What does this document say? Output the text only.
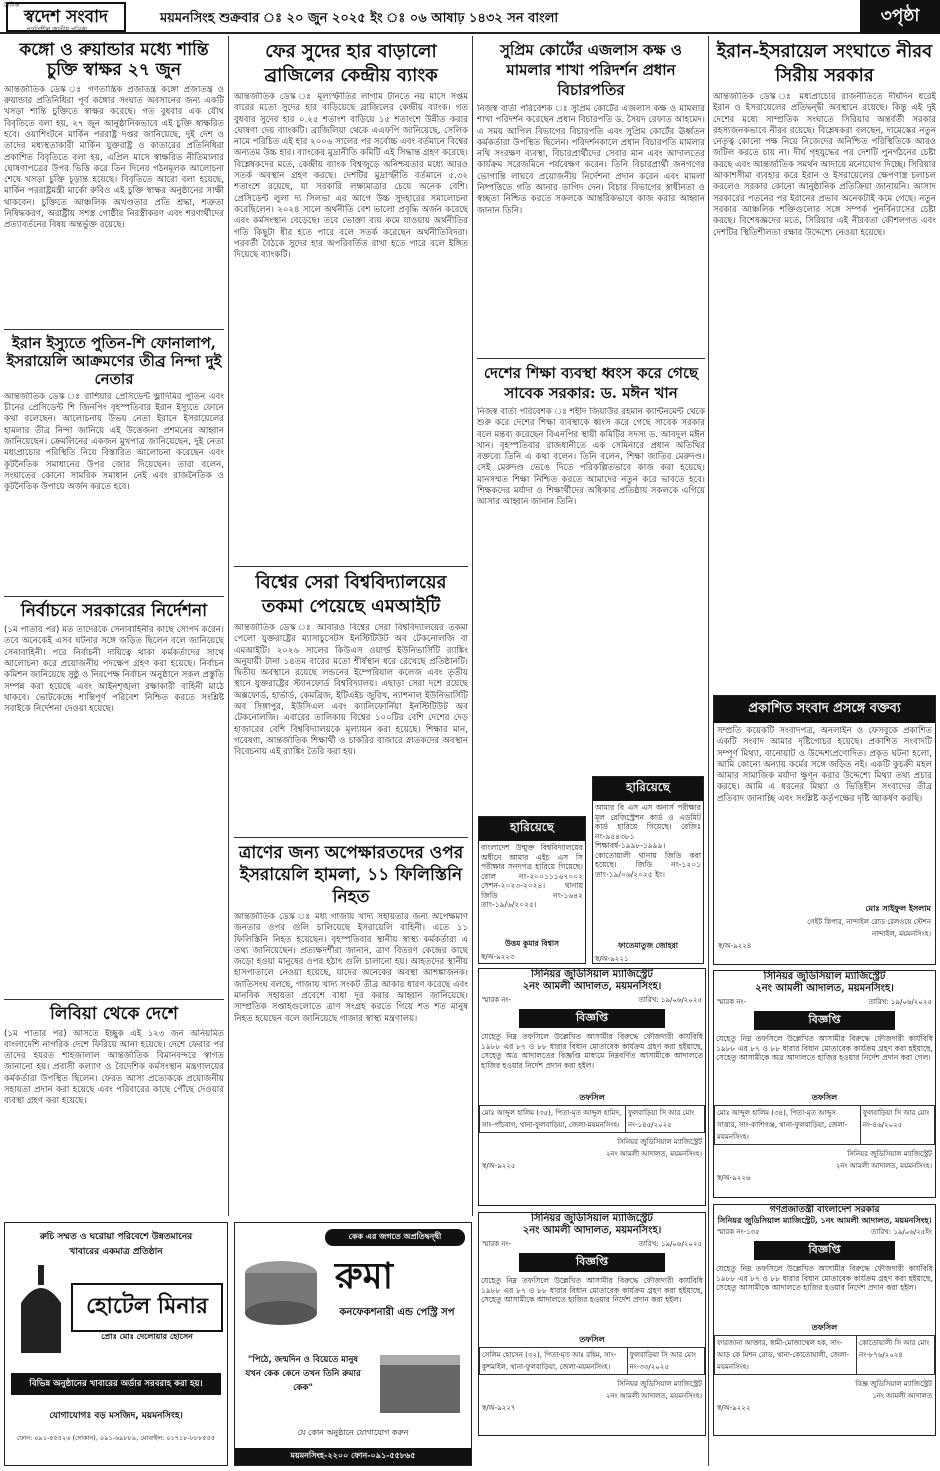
স্বদেশ সংবাদ
প্রগতিশীল জাতীয় পত্রিকা
দৈনিক
ময়মনসিংহ শুক্রবার ঃ ২০ জুন ২০২৫ ইং ঃ ০৬ আষাঢ় ১৪৩২ সন বাংলা	৩পৃষ্ঠা
কঙ্গো ও রুয়ান্ডার মধ্যে শান্তি চুক্তি স্বাক্ষর ২৭ জুন
আন্তর্জাতিক ডেস্ক ঃ গণতান্ত্রিক প্রজাতন্ত্র কঙ্গো প্রজাতন্ত্র ও রুয়ান্ডার প্রতিনিধিরা পূর্ব কঙ্গোর সংঘাত অবসানের জন্য একটি খসড়া শান্তি চুক্তিতে স্বাক্ষর করেছে। গত বুধবার এক যৌথ বিবৃতিতে বলা হয়, ২৭ জুন আনুষ্ঠানিকভাবে এই চুক্তি স্বাক্ষরিত হবে। ওয়াশিংটনে মার্কিন পররাষ্ট্র দপ্তর জানিয়েছে, দুই দেশ ও তাদের মধ্যস্থতাকারী মার্কিন যুক্তরাষ্ট্র ও কাতারের প্রতিনিধিরা প্রকাশিত বিবৃতিতে বলা হয়, এপ্রিল মাসে স্বাক্ষরিত নীতিমালার ঘোষণাপত্রের উপর ভিত্তি করে তিন দিনের গঠনমূলক আলোচনা শেষে খসড়া চুক্তি চূড়ান্ত হয়েছে। বিবৃতিতে আরো বলা হয়েছে, মার্কিন পররাষ্ট্রমন্ত্রী মার্কো রুবিও এই চুক্তি স্বাক্ষর অনুষ্ঠানের সাক্ষী থাকবেন। চুক্তিতে আঞ্চলিক অখণ্ডতার প্রতি শ্রদ্ধা, শত্রুতা নিষিদ্ধকরণ, অরাষ্ট্রীয় সশস্ত্র গোষ্ঠীর নিরস্ত্রীকরণ এবং শরণার্থীদের প্রত্যাবর্তনের বিষয় অন্তর্ভুক্ত রয়েছে।
ইরান ইস্যুতে পুতিন-শি ফোনালাপ, ইসরায়েলি আক্রমণের তীব্র নিন্দা দুই নেতার
আন্তর্জাতিক ডেস্ক ঃ রাশিয়ার প্রেসিডেন্ট ভ্লাদিমির পুতিন এবং চীনের প্রেসিডেন্ট শি জিনপিং বৃহস্পতিবার ইরান ইস্যুতে ফোনে কথা বলেছেন। আলোচনায় উভয় নেতা ইরানে ইসরায়েলের হামলার তীব্র নিন্দা জানিয়ে এই উত্তেজনা প্রশমনের আহ্বান জানিয়েছেন। ক্রেমলিনের একজন মুখপাত্র জানিয়েছেন, দুই নেতা মধ্যপ্রাচ্যের পরিস্থিতি নিয়ে বিস্তারিত আলোচনা করেছেন এবং কূটনৈতিক সমাধানের উপর জোর দিয়েছেন। তারা বলেন, সংঘাতের কোনো সামরিক সমাধান নেই এবং রাজনৈতিক ও কূটনৈতিক উপায়ে অর্জন করতে হবে।
নির্বাচনে সরকারের নির্দেশনা
(১ম পাতার পর) মত তাদেরকে সেনাবাহিনীর কাছে সোপর্দ করেন। তবে অনেকেই এসব ঘটনার সঙ্গে জড়িত ছিলেন বলে জানিয়েছে সেনাবাহিনী। পরে নির্বাচনী দায়িত্বে থাকা কর্মকর্তাদের সাথে আলোচনা করে প্রয়োজনীয় পদক্ষেপ গ্রহণ করা হয়েছে। নির্বাচন কমিশন জানিয়েছে সুষ্ঠু ও নিরপেক্ষ নির্বাচন অনুষ্ঠানে সকল প্রস্তুতি সম্পন্ন করা হয়েছে এবং আইনশৃঙ্খলা রক্ষাকারী বাহিনী মাঠে থাকবে। ভোটকেন্দ্রে শান্তিপূর্ণ পরিবেশ নিশ্চিত করতে সংশ্লিষ্ট সবাইকে নির্দেশনা দেওয়া হয়েছে।
লিবিয়া থেকে দেশে
(১ম পাতার পর) আসতে ইচ্ছুক এই ১২৩ জন অনিয়মিত বাংলাদেশি নাগরিক দেশে ফিরিয়ে আনা হয়েছে। দেশে ফেরার পর তাদের হযরত শাহজালাল আন্তর্জাতিক বিমানবন্দরে স্বাগত জানানো হয়। প্রবাসী কল্যাণ ও বৈদেশিক কর্মসংস্থান মন্ত্রণালয়ের কর্মকর্তারা উপস্থিত ছিলেন। ফেরত আসা প্রত্যেককে প্রয়োজনীয় সহায়তা প্রদান করা হয়েছে এবং পরিবারের কাছে পৌঁছে দেওয়ার ব্যবস্থা গ্রহণ করা হয়েছে।
ফের সুদের হার বাড়ালো ব্রাজিলের কেন্দ্রীয় ব্যাংক
আন্তর্জাতিক ডেস্ক ঃ মূল্যস্ফীতির লাগাম টানতে নয় মাসে সপ্তম বারের মতো সুদের হার বাড়িয়েছে ব্রাজিলের কেন্দ্রীয় ব্যাংক। গত বুধবার সুদের হার ০.২৫ শতাংশ বাড়িয়ে ১৫ শতাংশে উন্নীত করার ঘোষণা দেয় ব্যাংকটি। ব্রাজিলিয়া থেকে এএফপি জানিয়েছে, সেলিক নামে পরিচিত এই হার ২০০৬ সালের পর সর্বোচ্চ এবং বর্তমানে বিশ্বের অন্যতম উচ্চ হার। ব্যাংকের মুদ্রানীতি কমিটি এই সিদ্ধান্ত গ্রহণ করেছে। বিশ্লেষকদের মতে, কেন্দ্রীয় ব্যাংক বিশ্বজুড়ে অনিশ্চয়তার মধ্যে আরও সতর্ক অবস্থান গ্রহণ করছে। দেশটির মুদ্রাস্ফীতি বর্তমানে ৫.৩২ শতাংশে রয়েছে, যা সরকারি লক্ষ্যমাত্রার চেয়ে অনেক বেশি। প্রেসিডেন্ট লুলা দ্য সিলভা এর আগে উচ্চ সুদহারের সমালোচনা করেছিলেন। ২০২৪ সালে অর্থনীতি বেশ ভালো প্রবৃদ্ধি অর্জন করেছে এবং কর্মসংস্থান বেড়েছে। তবে ভোক্তা ব্যয় কমে যাওয়ায় অর্থনীতির গতি কিছুটা ধীর হতে পারে বলে সতর্ক করেছেন অর্থনীতিবিদরা। পরবর্তী বৈঠকে সুদের হার অপরিবর্তিত রাখা হতে পারে বলে ইঙ্গিত দিয়েছে ব্যাংকটি।
বিশ্বের সেরা বিশ্ববিদ্যালয়ের তকমা পেয়েছে এমআইটি
আন্তর্জাতিক ডেস্ক ঃ আবারও বিশ্বের সেরা বিশ্ববিদ্যালয়ের তকমা পেলো যুক্তরাষ্ট্রের ম্যাসাচুসেটস ইনস্টিটিউট অব টেকনোলজি বা এমআইটি। ২০২৬ সালের কিউএস ওয়ার্ল্ড ইউনিভার্সিটি র‍্যাঙ্কিং অনুযায়ী টানা ১৪তম বারের মতো শীর্ষস্থান ধরে রেখেছে প্রতিষ্ঠানটি। দ্বিতীয় অবস্থানে রয়েছে লন্ডনের ইম্পেরিয়াল কলেজ এবং তৃতীয় স্থানে যুক্তরাষ্ট্রের স্ট্যানফোর্ড বিশ্ববিদ্যালয়। এছাড়া সেরা দশে রয়েছে অক্সফোর্ড, হার্ভার্ড, কেমব্রিজ, ইটিএইচ জুরিখ, ন্যাশনাল ইউনিভার্সিটি অব সিঙ্গাপুর, ইউসিএল এবং ক্যালিফোর্নিয়া ইনস্টিটিউট অব টেকনোলজি। এবারের তালিকায় বিশ্বের ১০০টির বেশি দেশের দেড় হাজারের বেশি বিশ্ববিদ্যালয়কে মূল্যায়ন করা হয়েছে। শিক্ষার মান, গবেষণা, আন্তর্জাতিক শিক্ষার্থী ও চাকরির বাজারে স্নাতকদের অবস্থান বিবেচনায় এই র‍্যাঙ্কিং তৈরি করা হয়।
ত্রাণের জন্য অপেক্ষারতদের ওপর ইসরায়েলি হামলা, ১১ ফিলিস্তিনি নিহত
আন্তর্জাতিক ডেস্ক ঃ মধ্য গাজায় খাদ্য সহায়তার জন্য অপেক্ষমাণ জনতার ওপর গুলি চালিয়েছে ইসরায়েলি বাহিনী। এতে ১১ ফিলিস্তিনি নিহত হয়েছেন। বৃহস্পতিবার স্থানীয় স্বাস্থ্য কর্মকর্তারা এ তথ্য জানিয়েছেন। প্রত্যক্ষদর্শীরা জানান, ত্রাণ বিতরণ কেন্দ্রের কাছে জড়ো হওয়া মানুষের ওপর হঠাৎ গুলি চালানো হয়। আহতদের স্থানীয় হাসপাতালে নেওয়া হয়েছে, যাদের অনেকের অবস্থা আশঙ্কাজনক। জাতিসংঘ বলছে, গাজায় খাদ্য সংকট তীব্র আকার ধারণ করেছে এবং মানবিক সহায়তা প্রবেশে বাধা দূর করার আহ্বান জানিয়েছে। সাম্প্রতিক সপ্তাহগুলোতে ত্রাণ সংগ্রহ করতে গিয়ে শত শত মানুষ নিহত হয়েছেন বলে জানিয়েছে গাজার স্বাস্থ্য মন্ত্রণালয়।
সুপ্রিম কোর্টের এজলাস কক্ষ ও মামলার শাখা পরিদর্শন প্রধান বিচারপতির
নিজস্ব বার্তা পরিবেশক ঃ সুপ্রিম কোর্টের এজলাস কক্ষ ও মামলার শাখা পরিদর্শন করেছেন প্রধান বিচারপতি ড. সৈয়দ রেফাত আহমেদ। এ সময় আপিল বিভাগের বিচারপতি এবং সুপ্রিম কোর্টের ঊর্ধ্বতন কর্মকর্তারা উপস্থিত ছিলেন। পরিদর্শনকালে প্রধান বিচারপতি মামলার নথি সংরক্ষণ ব্যবস্থা, বিচারপ্রার্থীদের সেবার মান এবং আদালতের কার্যক্রম সরেজমিনে পর্যবেক্ষণ করেন। তিনি বিচারপ্রার্থী জনগণের ভোগান্তি লাঘবে প্রয়োজনীয় নির্দেশনা প্রদান করেন এবং মামলা নিষ্পত্তিতে গতি আনার তাগিদ দেন। বিচার বিভাগের স্বাধীনতা ও স্বচ্ছতা নিশ্চিত করতে সকলকে আন্তরিকভাবে কাজ করার আহ্বান জানান তিনি।
দেশের শিক্ষা ব্যবস্থা ধ্বংস করে গেছে সাবেক সরকার: ড. মঈন খান
নিজস্ব বার্তা পরিবেশক ঃ শহীদ জিয়াউর রহমান ক্যান্টনমেন্ট থেকে শুরু করে দেশের শিক্ষা ব্যবস্থাকে ধ্বংস করে গেছে সাবেক সরকার বলে মন্তব্য করেছেন বিএনপির স্থায়ী কমিটির সদস্য ড. আবদুল মঈন খান। বৃহস্পতিবার রাজধানীতে এক সেমিনারে প্রধান অতিথির বক্তব্যে তিনি এ কথা বলেন। তিনি বলেন, শিক্ষা জাতির মেরুদণ্ড। সেই মেরুদণ্ড ভেঙে দিতে পরিকল্পিতভাবে কাজ করা হয়েছে। মানসম্মত শিক্ষা নিশ্চিত করতে আমাদের নতুন করে ভাবতে হবে। শিক্ষকদের মর্যাদা ও শিক্ষার্থীদের অধিকার প্রতিষ্ঠায় সকলকে এগিয়ে আসার আহ্বান জানান তিনি।
হারিয়েছে
বাংলাদেশ উন্মুক্ত বিশ্ববিদ্যালয়ের অধীনে আমার এইচ এস সি পরীক্ষার সনদপত্র হারিয়ে গিয়েছে। রোল নং-২০০১১১৬৭০০২ সেশন-২০২৩-২০২৪। থানায় জিডি নং-১৬৪২ তাং-১৯/৬/২০২৫।
উত্তম কুমার বিশ্বাস
স্ব/অ-৯২২৩
হারিয়েছে
আমার বি এস এস অনার্স পরীক্ষার মূল রেজিস্ট্রেশন কার্ড ও এডমিট কার্ড হারিয়ে গিয়েছে। রেজিঃ নং-৯৫৪৩৮১ শিক্ষাবর্ষ-১৯৯৮-১৯৯৯। কোতোয়ালী থানায় জিডি করা হয়েছে। জিডি নং-১২০১ তাং-১৯/০৬/২০২৫ ইং।
ফাতেমাতুজ জোহরা
স্ব/অ-৯২২১
ইরান-ইসরায়েল সংঘাতে নীরব সিরীয় সরকার
আন্তর্জাতিক ডেস্ক ঃ মধ্যপ্রাচ্যের রাজনীতিতে দীর্ঘদিন ধরেই ইরান ও ইসরায়েলের প্রতিদ্বন্দ্বী অবস্থানে রয়েছে। কিন্তু এই দুই দেশের মধ্যে সাম্প্রতিক সংঘাতে সিরিয়ার অন্তর্বর্তী সরকার রহস্যজনকভাবে নীরব রয়েছে। বিশ্লেষকরা বলছেন, দামেস্কের নতুন নেতৃত্ব কোনো পক্ষ নিয়ে নিজেদের অনিশ্চিত পরিস্থিতিকে আরও জটিল করতে চায় না। দীর্ঘ গৃহযুদ্ধের পর দেশটি পুনর্গঠনের চেষ্টা করছে এবং আন্তর্জাতিক সমর্থন আদায়ে মনোযোগ দিচ্ছে। সিরিয়ার আকাশসীমা ব্যবহার করে ইরান ও ইসরায়েলের ক্ষেপণাস্ত্র চলাচল করলেও সরকার কোনো আনুষ্ঠানিক প্রতিক্রিয়া জানায়নি। আসাদ সরকারের পতনের পর ইরানের প্রভাব অনেকটাই কমে গেছে। নতুন সরকার আঞ্চলিক শক্তিগুলোর সঙ্গে সম্পর্ক পুনর্বিন্যাসের চেষ্টা করছে। বিশেষজ্ঞদের মতে, সিরিয়ার এই নীরবতা কৌশলগত এবং দেশটির স্থিতিশীলতা রক্ষার উদ্দেশ্যে নেওয়া হয়েছে।
প্রকাশিত সংবাদ প্রসঙ্গে বক্তব্য
সম্প্রতি কয়েকটি সংবাদপত্র, অনলাইন ও ফেসবুকে প্রকাশিত একটি সংবাদ আমার দৃষ্টিগোচর হয়েছে। প্রকাশিত সংবাদটি সম্পূর্ণ মিথ্যা, বানোয়াট ও উদ্দেশ্যপ্রণোদিত। প্রকৃত ঘটনা হলো, আমি কোনো অন্যায় কর্মের সঙ্গে জড়িত নই। একটি কুচক্রী মহল আমার সামাজিক মর্যাদা ক্ষুণ্ন করার উদ্দেশ্যে মিথ্যা তথ্য প্রচার করছে। আমি এ ধরনের মিথ্যা ও ভিত্তিহীন সংবাদের তীব্র প্রতিবাদ জানাচ্ছি এবং সংশ্লিষ্ট কর্তৃপক্ষের দৃষ্টি আকর্ষণ করছি।
মোঃ সাইফুল ইসলাম
গেইট কিপার, নান্দাইল রোড রেলওয়ে স্টেশন
নান্দাইল, ময়মনসিংহ।
স্ব/অ-৯২২৪
সিনিয়র জুডিসিয়াল ম্যাজিস্ট্রেট
২নং আমলী আদালত, ময়মনসিংহ।
স্মারক নং-	তারিখ: ১৯/০৬/২০২৫
বিজ্ঞপ্তি
যেহেতু নিম্ন তফসিলে উল্লেখিত আসামীর বিরুদ্ধে ফৌজদারী কার্যবিধি ১৯৮৮ এর ৮৭ ও ৮৮ ধারার বিধান মোতাবেক কার্যক্রম গ্রহণ করা হইয়াছে, সেহেতু অত্র আদালতের বিজ্ঞপ্তি মাধ্যমে নিম্নবর্ণিত আসামীকে আদালতে হাজির হওয়ার নির্দেশ প্রদান করা হইল।
তফসিল
মোঃ আব্দুল হালিম (৩৫), পিতা-মৃত আব্দুল হামিদ, সাং-পাঁচবাগ, থানা-ফুলবাড়িয়া, জেলা-ময়মনসিংহ।	ফুলবাড়িয়া সি আর মোং নং-১৪৫/২০২৫
সিনিয়র জুডিসিয়াল ম্যাজিস্ট্রেট
২নং আমলী আদালত, ময়মনসিংহ।
স্ব/অ-৯২২৫
সিনিয়র জুডিসিয়াল ম্যাজিস্ট্রেট
২নং আমলী আদালত, ময়মনসিংহ।
স্মারক নং-	তারিখ: ১৯/০৬/২০২৫
বিজ্ঞপ্তি
যেহেতু নিম্ন তফসিলে উল্লেখিত আসামীর বিরুদ্ধে ফৌজদারী কার্যবিধি ১৯৮৮ এর ৮৭ ও ৮৮ ধারার বিধান মোতাবেক কার্যক্রম গ্রহণ করা হইয়াছে, সেহেতু আসামীকে আদালতে হাজির হওয়ার নির্দেশ প্রদান করা হইল।
তফসিল
সেলিম হোসেন (৩২), পিতা-মৃত আঃ রহিম, সাং-কুশমাইল, থানা-ফুলবাড়িয়া, জেলা-ময়মনসিংহ।	ফুলবাড়িয়া সি আর মোং নং-৩৩/২০২৫
সিনিয়র জুডিসিয়াল ম্যাজিস্ট্রেট
২নং আমলী আদালত, ময়মনসিংহ।
স্ব/অ-৯২২৭
সিনিয়র জুডিসিয়াল ম্যাজিস্ট্রেট
২নং আমলী আদালত, ময়মনসিংহ।
স্মারক নং-	তারিখ: ১৯/০৬/২০২৫
বিজ্ঞপ্তি
যেহেতু নিম্ন তফসিলে উল্লেখিত আসামীর বিরুদ্ধে ফৌজদারী কার্যবিধি ১৯৮৮ এর ৮৭ ও ৮৮ ধারার বিধান মোতাবেক কার্যক্রম গ্রহণ করা হইয়াছে, সেহেতু আসামীকে অত্র আদালতে হাজির হওয়ার নির্দেশ প্রদান করা গেল।
তফসিল
মোঃ আব্দুল হালিম (৩৪), পিতা-মৃত আব্দুস সাত্তার, সাং-কাশিগঞ্জ, থানা-ফুলবাড়িয়া, জেলা-ময়মনসিংহ।	ফুলবাড়িয়া সি আর মোং নং-৪৬/২০২৫
সিনিয়র জুডিসিয়াল ম্যাজিস্ট্রেট
২নং আমলী আদালত, ময়মনসিংহ।
স্ব/অ-৯২২৬
গণপ্রজাতন্ত্রী বাংলাদেশ সরকার
সিনিয়র জুডিসিয়াল ম্যাজিস্ট্রেট, ১নং আমলী আদালত, ময়মনসিংহ।
স্মারক নং-১৩৫	তারিখ: ১৯/০৬/২৫ইং
বিজ্ঞপ্তি
যেহেতু নিম্ন তফসিলে উল্লেখিত আসামীর বিরুদ্ধে ফৌজদারী কার্যবিধি ১৯৮৮ এর ৮৭ ও ৮৮ ধারার বিধান মোতাবেক কার্যক্রম গ্রহণ করা হইয়াছে, সেহেতু আসামীকে আদালতে হাজির হওয়ার নির্দেশ প্রদান করা হইল।
তফসিল
ফারজানা আক্তার, স্বামী-মোজাম্মেল হক, সাং-আড় কে মিশন রোড, থানা-কোতোয়ালী, জেলা-ময়মনসিংহ।	কোতোয়ালী সি আর মোং নং-৮৭৬/২০২৪
বিজ্ঞ জুডিসিয়াল ম্যাজিস্ট্রেট
১নং আমলী আদালত
স্ব/অ-৯২২২
রুচি সম্মত ও ঘরোয়া পরিবেশে উন্নতমানের
খাবারের একমাত্র প্রতিষ্ঠান
হোটেল মিনার
প্রোঃ মোঃ দেলোয়ার হোসেন
বিভিন্ন অনুষ্ঠানের খাবারের অর্ডার সরবরাহ করা হয়।
যোগাযোগঃ বড় মসজিদ, ময়মনসিংহ।
ফোন: ০৯১-৫৫৫২৬ (দোকান), ০৯১-৬৯৮৮৯, মোবাইল: ০১৭১৮-৮৮৮৫৫৫
কেক এর জগতে অপ্রতিদ্বন্দ্বী
রুমা
কনফেকশনারী এন্ড পেস্ট্রি সপ
"পিঠে, জন্মদিন ও বিয়েতে মানুষ যখন কেক কেনে তখন তিনি রুমার কেক"
যে কোন অনুষ্ঠানে যোগাযোগ করুন
ময়মনসিংহ-২২০০ ফোন-০৯১-৫৫৮৬৫
